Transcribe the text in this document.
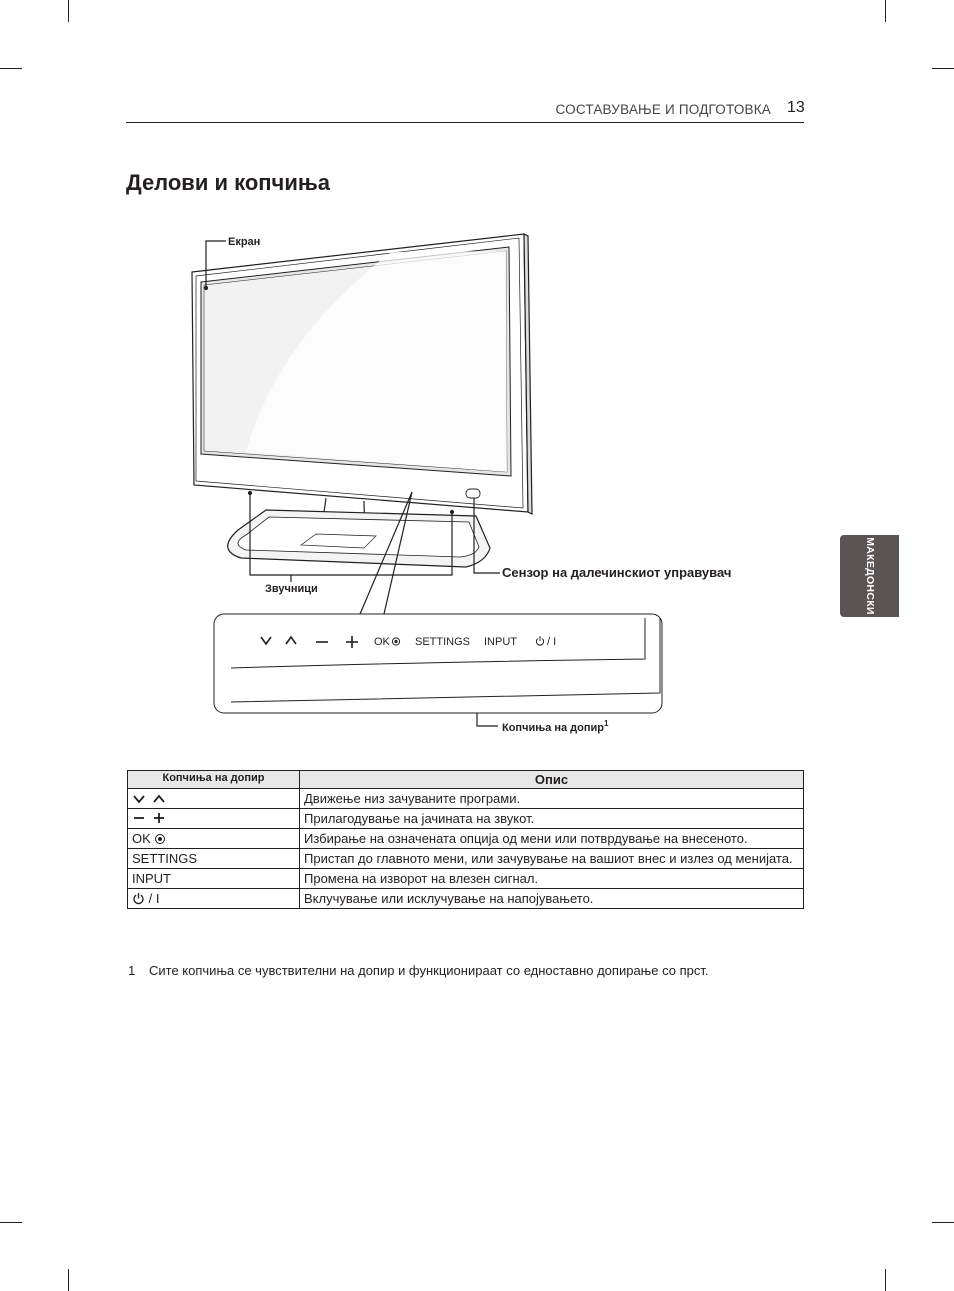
СОСТАВУВАЊЕ И ПОДГОТОВКА 13
МАКЕДОНСКИ
Делови и копчиња
OK SETTINGS INPUT	/ I
Екран
Звучници
Сензор на далечинскиот управувач
Копчиња на допир$^1$
Копчиња на допир	Опис
	Движење низ зачуваните програми.
	Прилагодување на јачината на звукот.
OK	Избирање на означената опција од мени или потврдување на внесеното.
SETTINGS	Пристап до главното мени, или зачувување на вашиот внес и излез од менијата.
INPUT	Промена на изворот на влезен сигнал.
/ I	Вклучување или исклучување на напојувањето.
1 Сите копчиња се чувствителни на допир и функционираат со едноставно допирање со прст.
